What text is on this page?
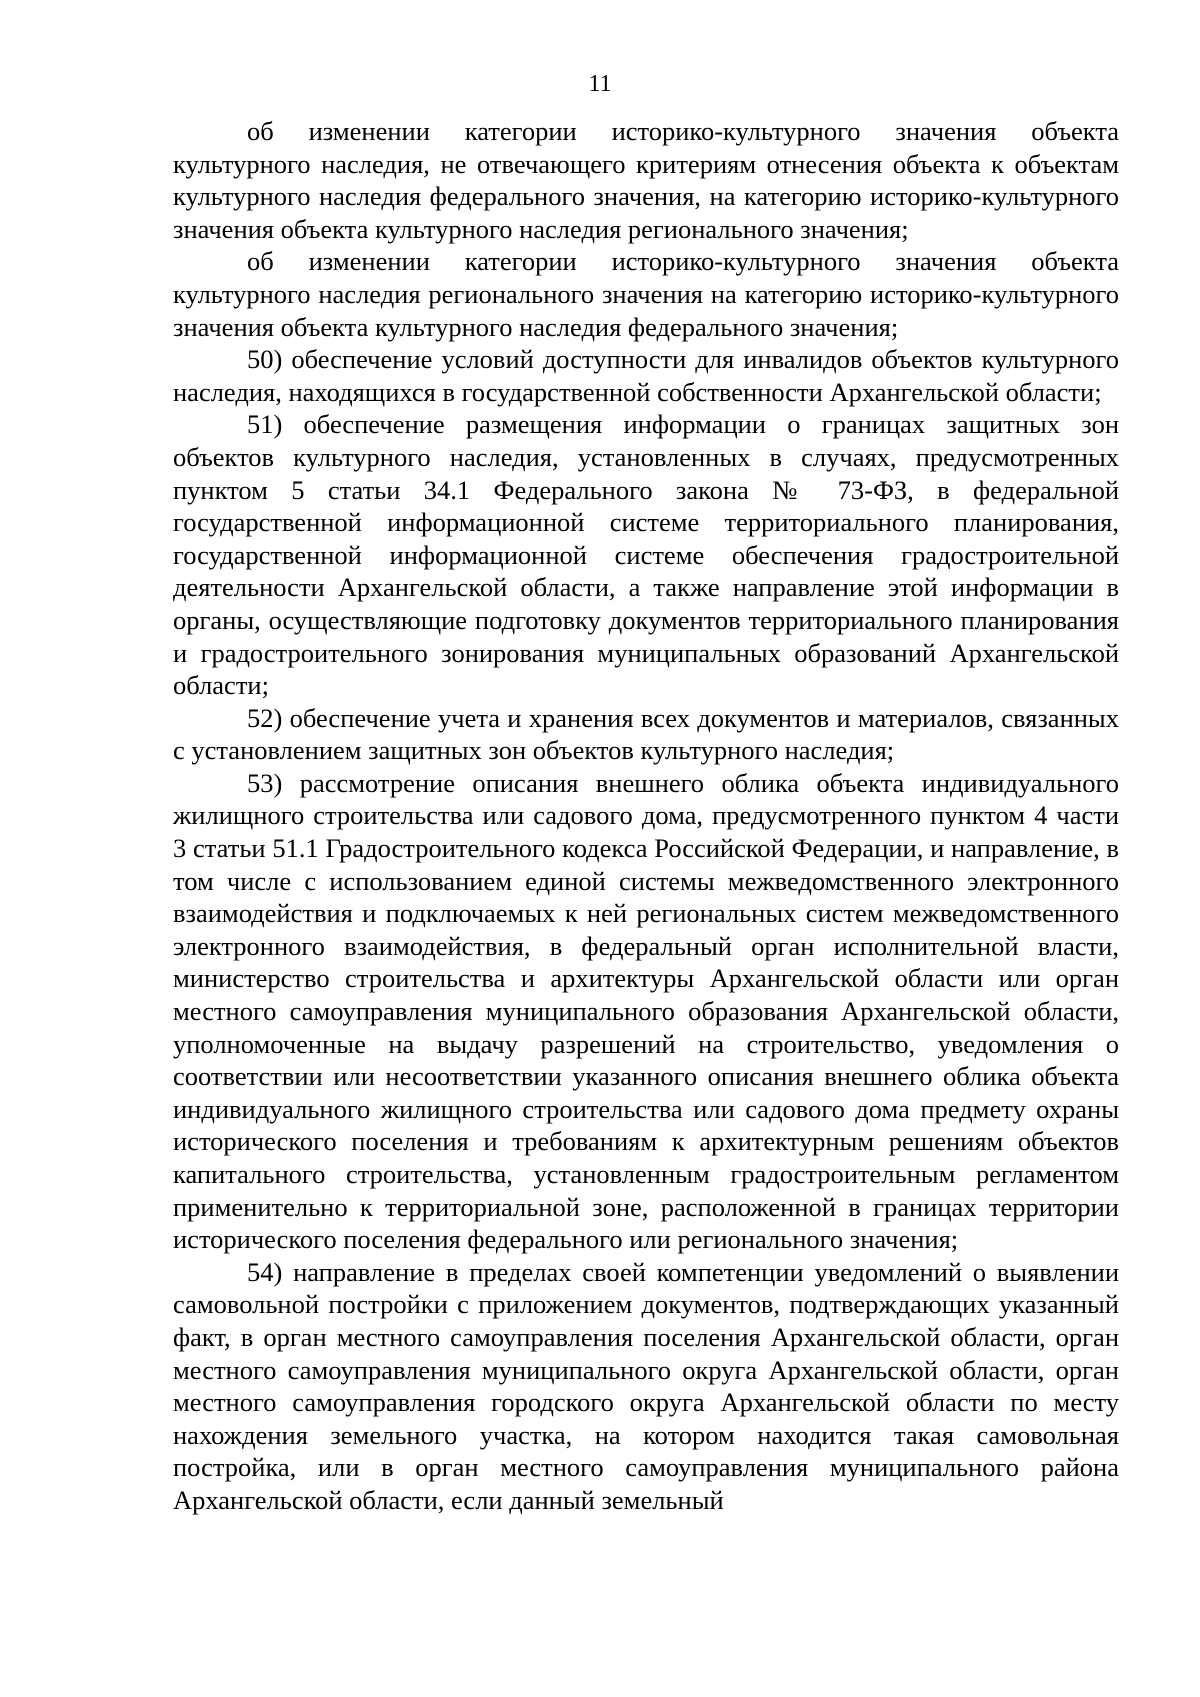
11

об изменении категории историко-культурного значения объекта культурного наследия, не отвечающего критериям отнесения объекта к объектам культурного наследия федерального значения, на категорию историко-культурного значения объекта культурного наследия регионального значения;

об изменении категории историко-культурного значения объекта культурного наследия регионального значения на категорию историко-культурного значения объекта культурного наследия федерального значения;

50) обеспечение условий доступности для инвалидов объектов культурного наследия, находящихся в государственной собственности Архангельской области;

51) обеспечение размещения информации о границах защитных зон объектов культурного наследия, установленных в случаях, предусмотренных пунктом 5 статьи 34.1 Федерального закона № 73-ФЗ, в федеральной государственной информационной системе территориального планирования, государственной информационной системе обеспечения градостроительной деятельности Архангельской области, а также направление этой информации в органы, осуществляющие подготовку документов территориального планирования и градостроительного зонирования муниципальных образований Архангельской области;

52) обеспечение учета и хранения всех документов и материалов, связанных с установлением защитных зон объектов культурного наследия;

53) рассмотрение описания внешнего облика объекта индивидуального жилищного строительства или садового дома, предусмотренного пунктом 4 части 3 статьи 51.1 Градостроительного кодекса Российской Федерации, и направление, в том числе с использованием единой системы межведомственного электронного взаимодействия и подключаемых к ней региональных систем межведомственного электронного взаимодействия, в федеральный орган исполнительной власти, министерство строительства и архитектуры Архангельской области или орган местного самоуправления муниципального образования Архангельской области, уполномоченные на выдачу разрешений на строительство, уведомления о соответствии или несоответствии указанного описания внешнего облика объекта индивидуального жилищного строительства или садового дома предмету охраны исторического поселения и требованиям к архитектурным решениям объектов капитального строительства, установленным градостроительным регламентом применительно к территориальной зоне, расположенной в границах территории исторического поселения федерального или регионального значения;

54) направление в пределах своей компетенции уведомлений о выявлении самовольной постройки с приложением документов, подтверждающих указанный факт, в орган местного самоуправления поселения Архангельской области, орган местного самоуправления муниципального округа Архангельской области, орган местного самоуправления городского округа Архангельской области по месту нахождения земельного участка, на котором находится такая самовольная постройка, или в орган местного самоуправления муниципального района Архангельской области, если данный земельный
